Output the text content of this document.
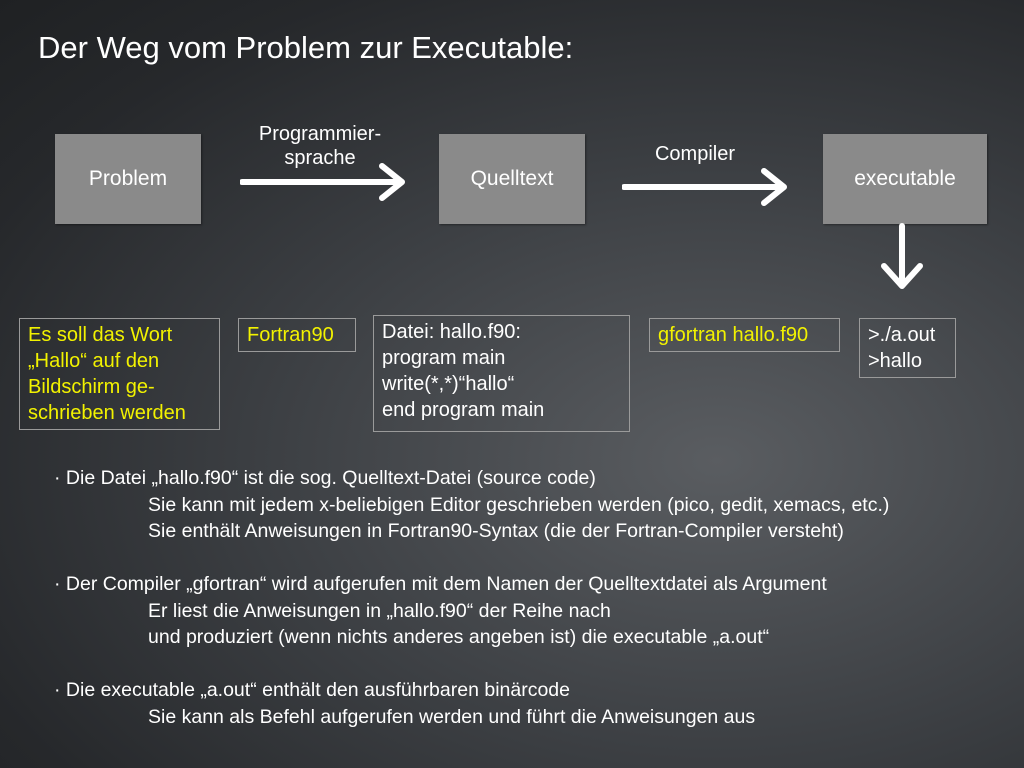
Der Weg vom Problem zur Executable:
Problem	Quelltext	executable
Programmier-
sprache	Compiler
Es soll das Wort
„Hallo“ auf den
Bildschirm ge-
schrieben werden
Fortran90	Datei: hallo.f90:
program main
write(*,*)“hallo“
end program main
gfortran hallo.f90	>./a.out
>hallo
· Die Datei „hallo.f90“ ist die sog. Quelltext-Datei (source code)
Sie kann mit jedem x-beliebigen Editor geschrieben werden (pico, gedit, xemacs, etc.)
Sie enthält Anweisungen in Fortran90-Syntax (die der Fortran-Compiler versteht)
· Der Compiler „gfortran“ wird aufgerufen mit dem Namen der Quelltextdatei als Argument
Er liest die Anweisungen in „hallo.f90“ der Reihe nach
und produziert (wenn nichts anderes angeben ist) die executable „a.out“
· Die executable „a.out“ enthält den ausführbaren binärcode
Sie kann als Befehl aufgerufen werden und führt die Anweisungen aus
